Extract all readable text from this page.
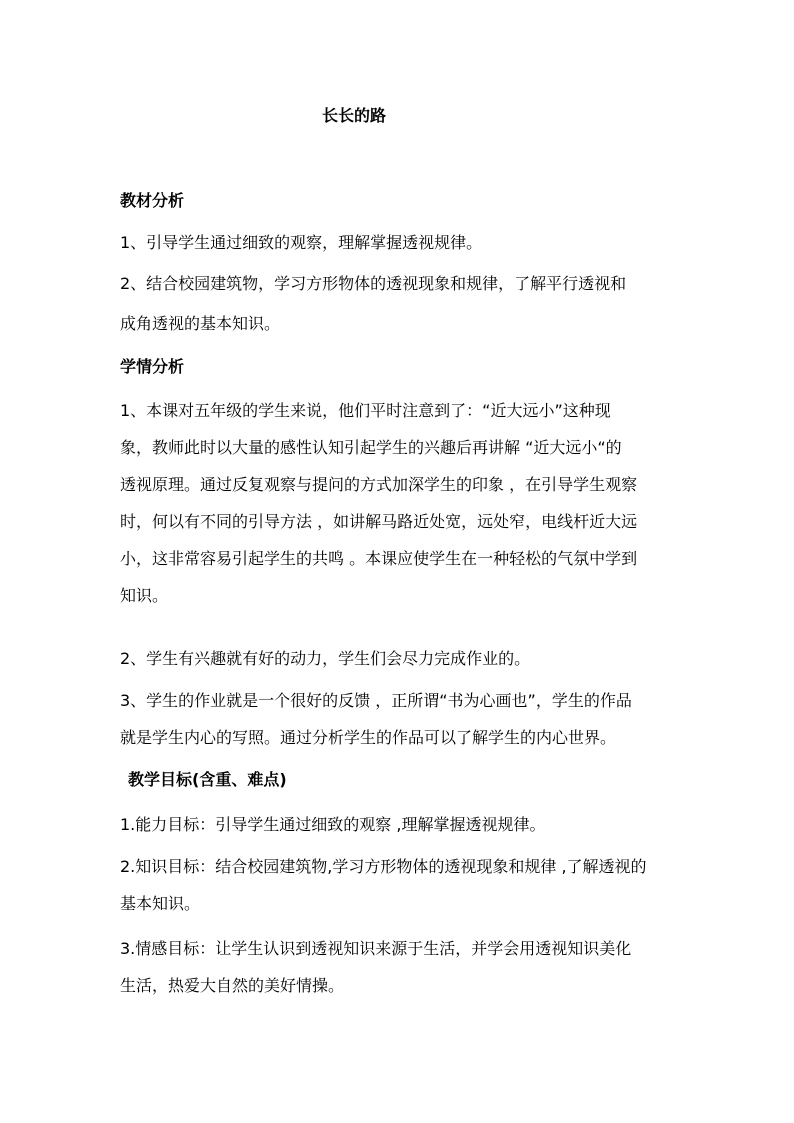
长长的路
教材分析
1、引导学生通过细致的观察，理解掌握透视规律。
2、结合校园建筑物，学习方形物体的透视现象和规律，了解平行透视和
成角透视的基本知识。
学情分析
1、本课对五年级的学生来说，他们平时注意到了：“近大远小”这种现
象，教师此时以大量的感性认知引起学生的兴趣后再讲解 “近大远小“的
透视原理。通过反复观察与提问的方式加深学生的印象 ，在引导学生观察
时，何以有不同的引导方法 ，如讲解马路近处宽，远处窄，电线杆近大远
小，这非常容易引起学生的共鸣 。本课应使学生在一种轻松的气氛中学到
知识。
2、学生有兴趣就有好的动力，学生们会尽力完成作业的。
3、学生的作业就是一个很好的反馈 ，正所谓“书为心画也”，学生的作品
就是学生内心的写照。通过分析学生的作品可以了解学生的内心世界。
教学目标(含重、难点)
1.能力目标：引导学生通过细致的观察 ,理解掌握透视规律。
2.知识目标：结合校园建筑物,学习方形物体的透视现象和规律 ,了解透视的
基本知识。
3.情感目标：让学生认识到透视知识来源于生活，并学会用透视知识美化
生活，热爱大自然的美好情操。
